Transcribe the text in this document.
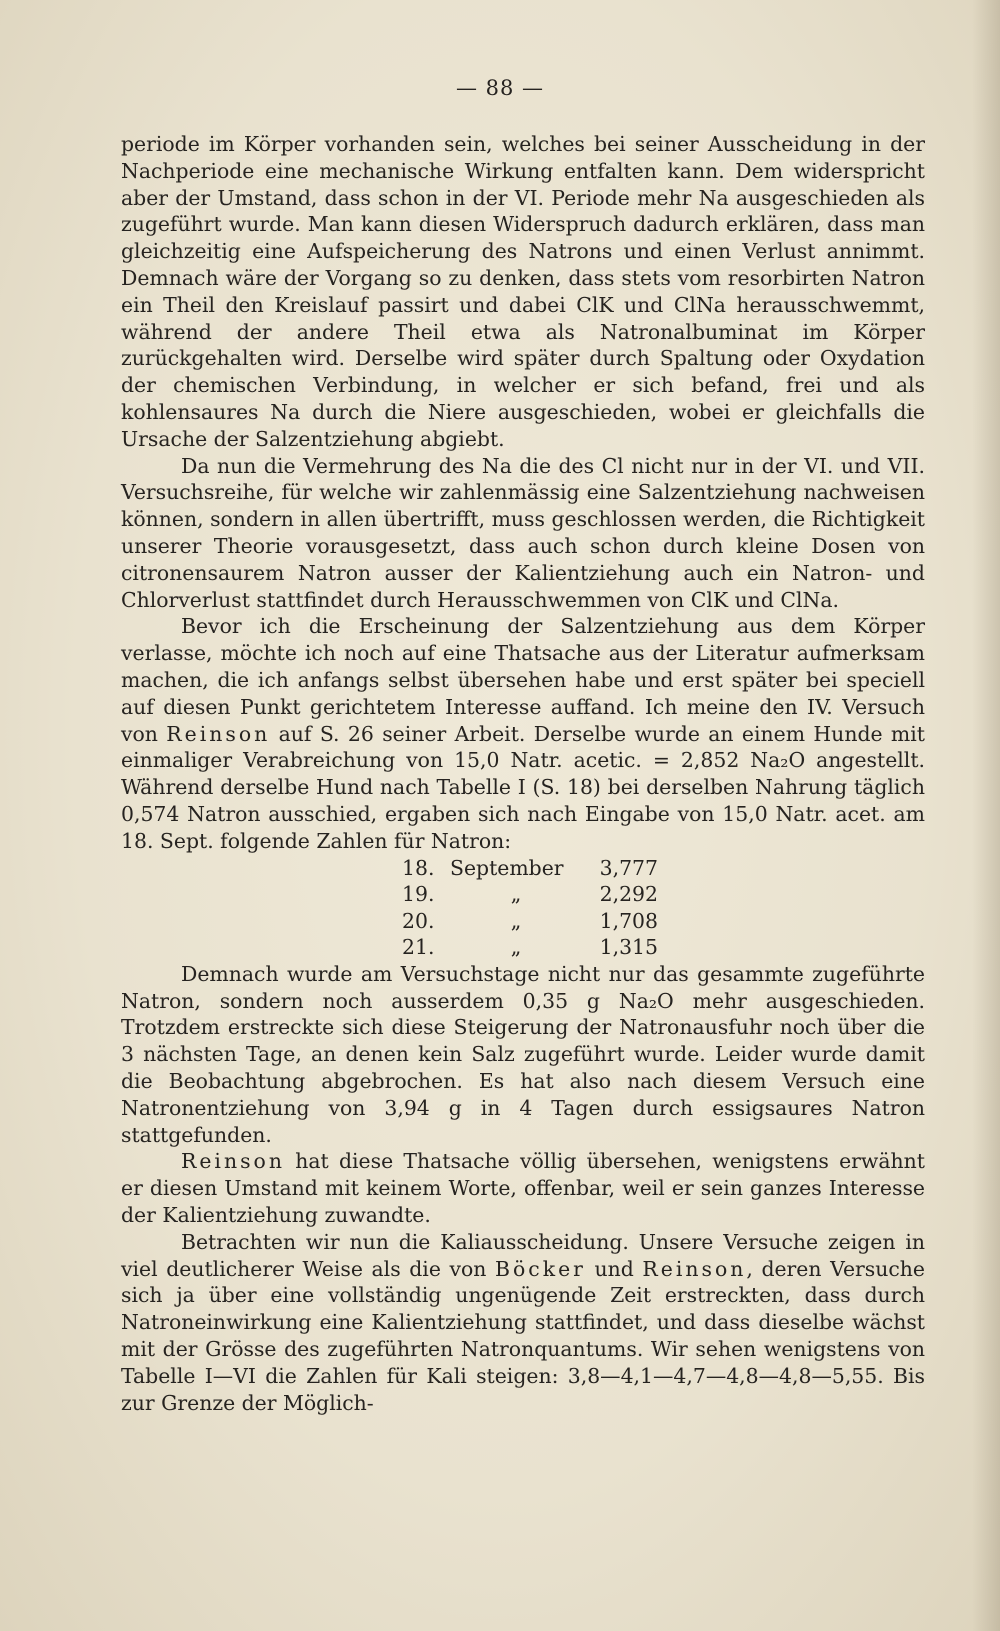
— 88 —

periode im Körper vorhanden sein, welches bei seiner Ausscheidung in der Nachperiode eine mechanische Wirkung entfalten kann. Dem widerspricht aber der Umstand, dass schon in der VI. Periode mehr Na ausgeschieden als zugeführt wurde. Man kann diesen Widerspruch dadurch erklären, dass man gleichzeitig eine Aufspeicherung des Natrons und einen Verlust annimmt. Demnach wäre der Vorgang so zu denken, dass stets vom resorbirten Natron ein Theil den Kreislauf passirt und dabei ClK und ClNa herausschwemmt, während der andere Theil etwa als Natronalbuminat im Körper zurückgehalten wird. Derselbe wird später durch Spaltung oder Oxydation der chemischen Verbindung, in welcher er sich befand, frei und als kohlensaures Na durch die Niere ausgeschieden, wobei er gleichfalls die Ursache der Salzentziehung abgiebt.

Da nun die Vermehrung des Na die des Cl nicht nur in der VI. und VII. Versuchsreihe, für welche wir zahlenmässig eine Salzentziehung nachweisen können, sondern in allen übertrifft, muss geschlossen werden, die Richtigkeit unserer Theorie vorausgesetzt, dass auch schon durch kleine Dosen von citronensaurem Natron ausser der Kalientziehung auch ein Natron- und Chlorverlust stattfindet durch Herausschwemmen von ClK und ClNa.

Bevor ich die Erscheinung der Salzentziehung aus dem Körper verlasse, möchte ich noch auf eine Thatsache aus der Literatur aufmerksam machen, die ich anfangs selbst übersehen habe und erst später bei speciell auf diesen Punkt gerichtetem Interesse auffand. Ich meine den IV. Versuch von Reinson auf S. 26 seiner Arbeit. Derselbe wurde an einem Hunde mit einmaliger Verabreichung von 15,0 Natr. acetic. = 2,852 Na₂O angestellt. Während derselbe Hund nach Tabelle I (S. 18) bei derselben Nahrung täglich 0,574 Natron ausschied, ergaben sich nach Eingabe von 15,0 Natr. acet. am 18. Sept. folgende Zahlen für Natron:

18.	September	3,777
19.	„	2,292
20.	„	1,708
21.	„	1,315

Demnach wurde am Versuchstage nicht nur das gesammte zugeführte Natron, sondern noch ausserdem 0,35 g Na₂O mehr ausgeschieden. Trotzdem erstreckte sich diese Steigerung der Natronausfuhr noch über die 3 nächsten Tage, an denen kein Salz zugeführt wurde. Leider wurde damit die Beobachtung abgebrochen. Es hat also nach diesem Versuch eine Natronentziehung von 3,94 g in 4 Tagen durch essigsaures Natron stattgefunden.

Reinson hat diese Thatsache völlig übersehen, wenigstens erwähnt er diesen Umstand mit keinem Worte, offenbar, weil er sein ganzes Interesse der Kalientziehung zuwandte.

Betrachten wir nun die Kaliausscheidung. Unsere Versuche zeigen in viel deutlicherer Weise als die von Böcker und Reinson, deren Versuche sich ja über eine vollständig ungenügende Zeit erstreckten, dass durch Natroneinwirkung eine Kalientziehung stattfindet, und dass dieselbe wächst mit der Grösse des zugeführten Natronquantums. Wir sehen wenigstens von Tabelle I—VI die Zahlen für Kali steigen: 3,8—4,1—4,7—4,8—4,8—5,55. Bis zur Grenze der Möglich-
